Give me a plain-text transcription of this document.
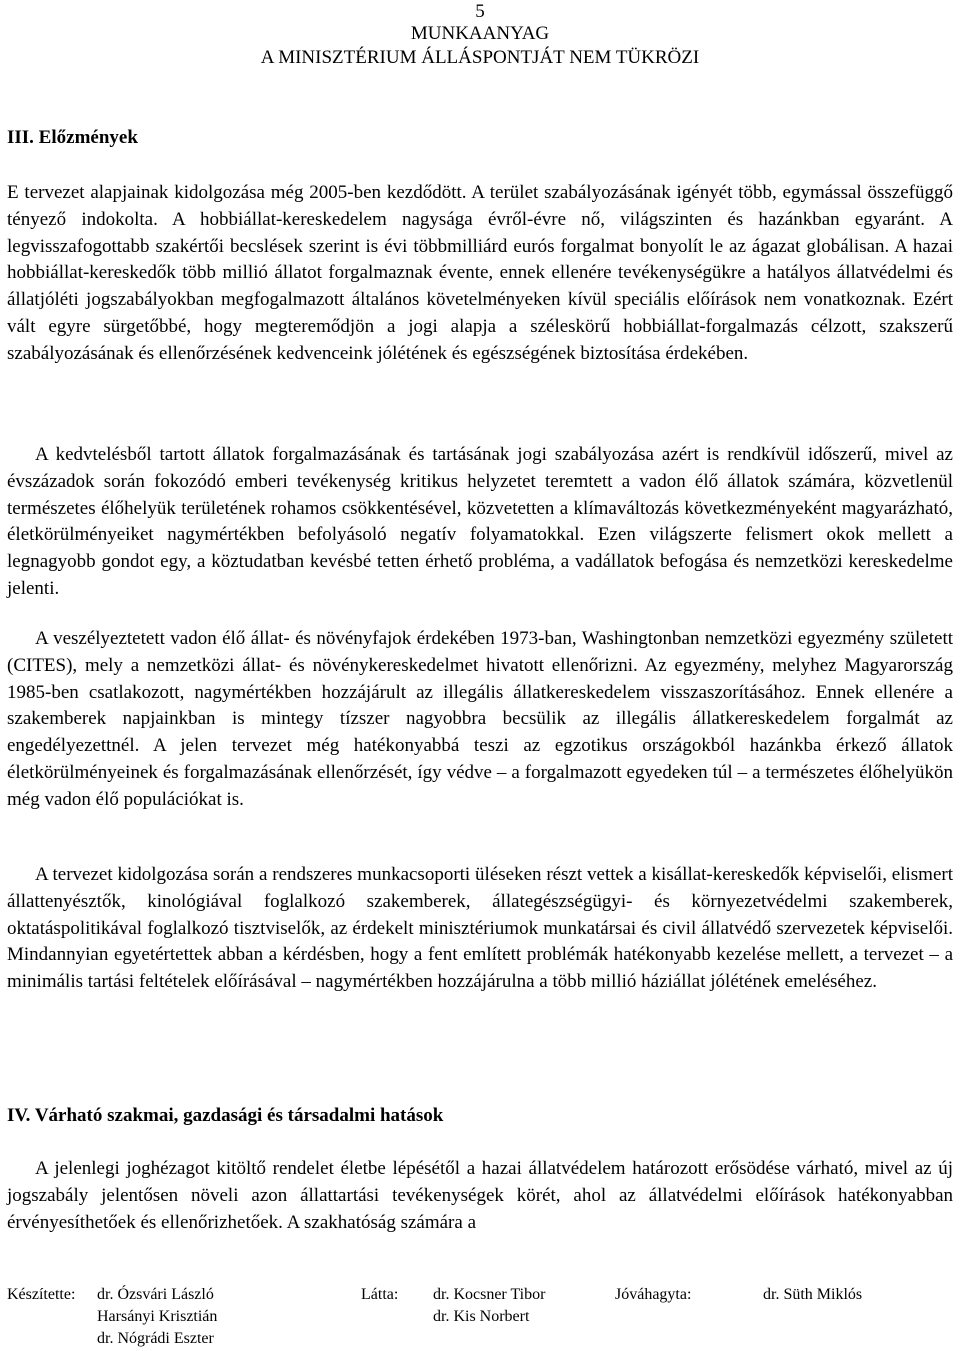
5
MUNKAANYAG
A MINISZTÉRIUM ÁLLÁSPONTJÁT NEM TÜKRÖZI
III. Előzmények

E tervezet alapjainak kidolgozása még 2005-ben kezdődött. A terület szabályozásának igényét több, egymással összefüggő tényező indokolta. A hobbiállat-kereskedelem nagysága évről-évre nő, világszinten és hazánkban egyaránt. A legvisszafogottabb szakértői becslések szerint is évi többmilliárd eurós forgalmat bonyolít le az ágazat globálisan. A hazai hobbiállat-kereskedők több millió állatot forgalmaznak évente, ennek ellenére tevékenységükre a hatályos állatvédelmi és állatjóléti jogszabályokban megfogalmazott általános követelményeken kívül speciális előírások nem vonatkoznak. Ezért vált egyre sürgetőbbé, hogy megteremődjön a jogi alapja a széleskörű hobbiállat-forgalmazás célzott, szakszerű szabályozásának és ellenőrzésének kedvenceink jólétének és egészségének biztosítása érdekében.

A kedvtelésből tartott állatok forgalmazásának és tartásának jogi szabályozása azért is rendkívül időszerű, mivel az évszázadok során fokozódó emberi tevékenység kritikus helyzetet teremtett a vadon élő állatok számára, közvetlenül természetes élőhelyük területének rohamos csökkentésével, közvetetten a klímaváltozás következményeként magyarázható, életkörülményeiket nagymértékben befolyásoló negatív folyamatokkal. Ezen világszerte felismert okok mellett a legnagyobb gondot egy, a köztudatban kevésbé tetten érhető probléma, a vadállatok befogása és nemzetközi kereskedelme jelenti.

A veszélyeztetett vadon élő állat- és növényfajok érdekében 1973-ban, Washingtonban nemzetközi egyezmény született (CITES), mely a nemzetközi állat- és növénykereskedelmet hivatott ellenőrizni. Az egyezmény, melyhez Magyarország 1985-ben csatlakozott, nagymértékben hozzájárult az illegális állatkereskedelem visszaszorításához. Ennek ellenére a szakemberek napjainkban is mintegy tízszer nagyobbra becsülik az illegális állatkereskedelem forgalmát az engedélyezettnél. A jelen tervezet még hatékonyabbá teszi az egzotikus országokból hazánkba érkező állatok életkörülményeinek és forgalmazásának ellenőrzését, így védve – a forgalmazott egyedeken túl – a természetes élőhelyükön még vadon élő populációkat is.

A tervezet kidolgozása során a rendszeres munkacsoporti üléseken részt vettek a kisállat-kereskedők képviselői, elismert állattenyésztők, kinológiával foglalkozó szakemberek, állategészségügyi- és környezetvédelmi szakemberek, oktatáspolitikával foglalkozó tisztviselők, az érdekelt minisztériumok munkatársai és civil állatvédő szervezetek képviselői. Mindannyian egyetértettek abban a kérdésben, hogy a fent említett problémák hatékonyabb kezelése mellett, a tervezet – a minimális tartási feltételek előírásával – nagymértékben hozzájárulna a több millió háziállat jólétének emeléséhez.

IV. Várható szakmai, gazdasági és társadalmi hatások

A jelenlegi joghézagot kitöltő rendelet életbe lépésétől a hazai állatvédelem határozott erősödése várható, mivel az új jogszabály jelentősen növeli azon állattartási tevékenységek körét, ahol az állatvédelmi előírások hatékonyabban érvényesíthetőek és ellenőrizhetőek. A szakhatóság számára a

Készítette: dr. Ózsvári László
Harsányi Krisztián
dr. Nógrádi Eszter
Látta: dr. Kocsner Tibor
dr. Kis Norbert
Jóváhagyta:	dr. Süth Miklós
